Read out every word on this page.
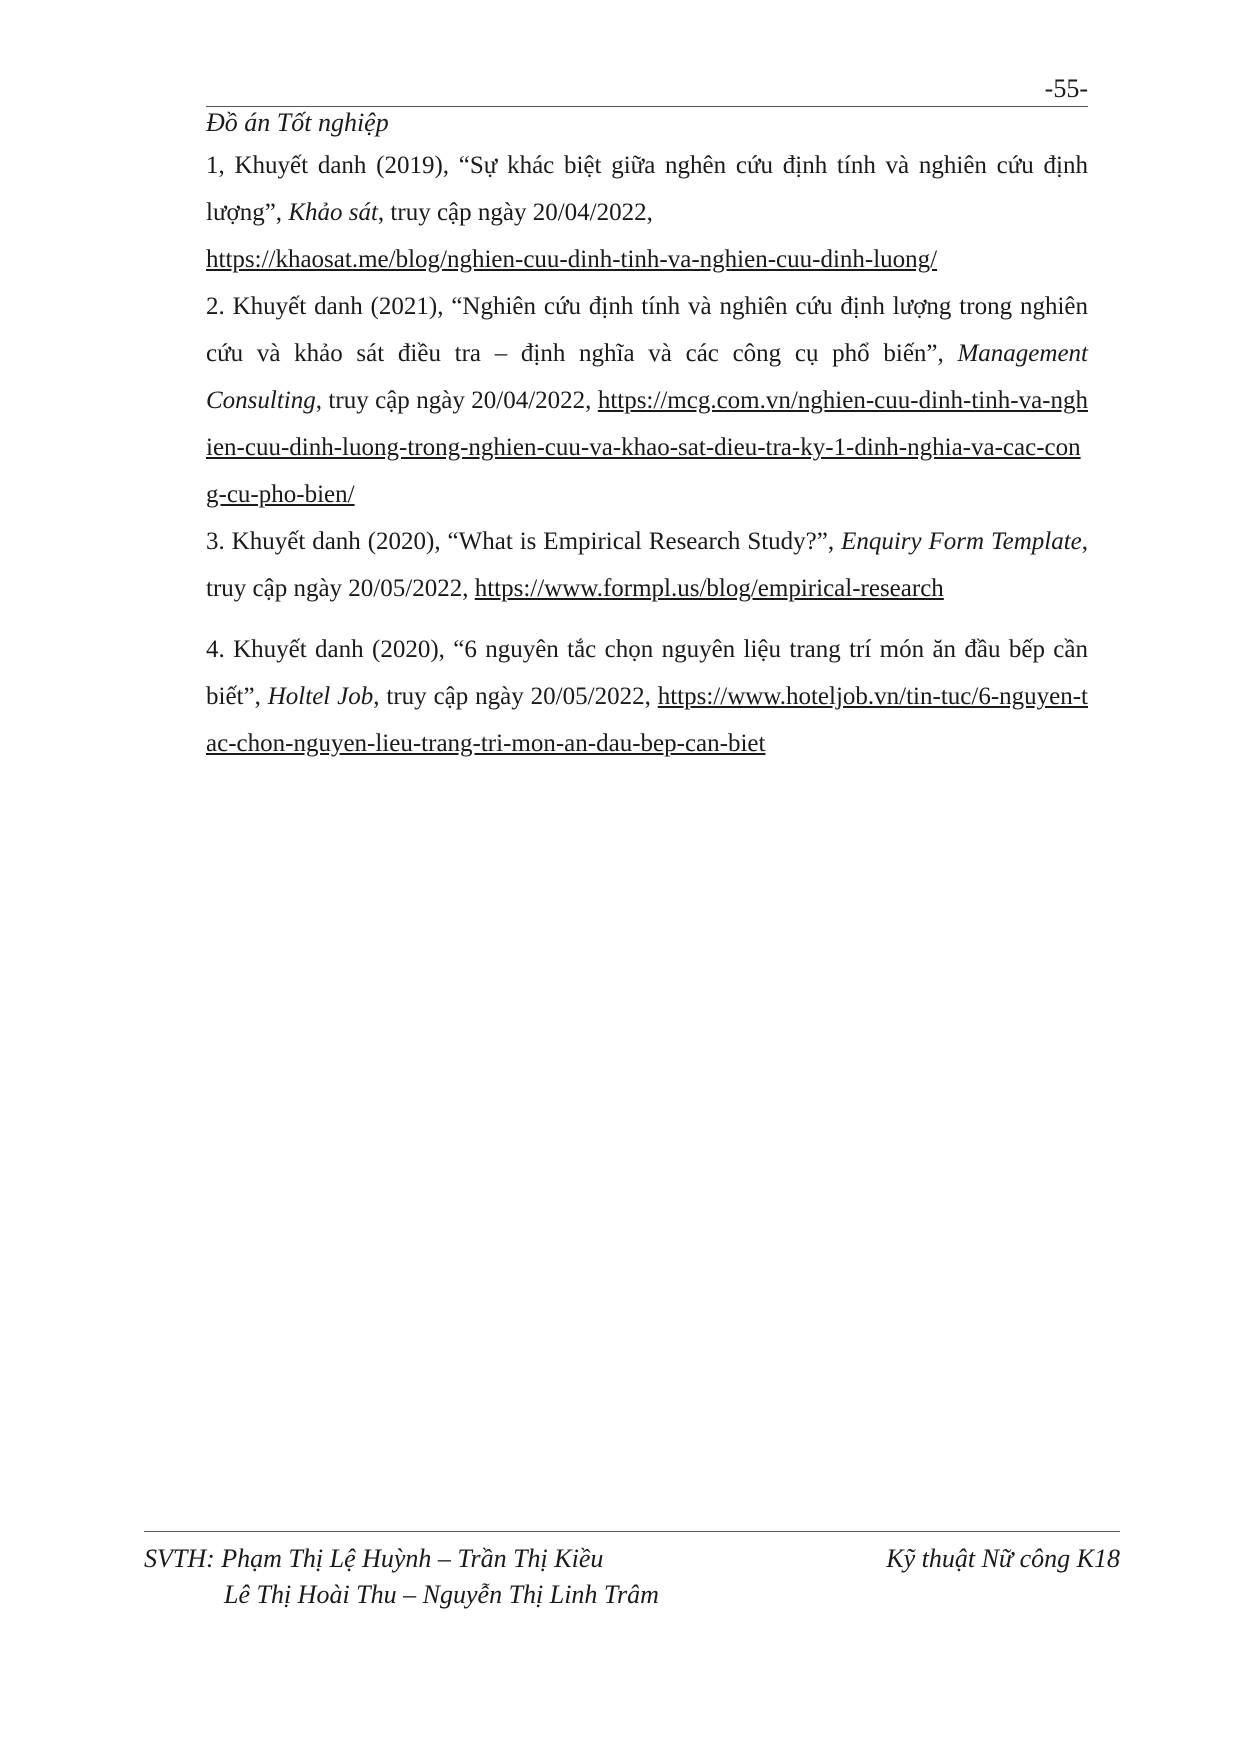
-55-
Đồ án Tốt nghiệp

1, Khuyết danh (2019), “Sự khác biệt giữa nghên cứu định tính và nghiên cứu định lượng”, Khảo sát, truy cập ngày 20/04/2022,
https://khaosat.me/blog/nghien-cuu-dinh-tinh-va-nghien-cuu-dinh-luong/

2. Khuyết danh (2021), “Nghiên cứu định tính và nghiên cứu định lượng trong nghiên cứu và khảo sát điều tra – định nghĩa và các công cụ phổ biến”, Management Consulting, truy cập ngày 20/04/2022, https://mcg.com.vn/nghien-cuu-dinh-tinh-va-nghien-cuu-dinh-luong-trong-nghien-cuu-va-khao-sat-dieu-tra-ky-1-dinh-nghia-va-cac-cong-cu-pho-bien/

3. Khuyết danh (2020), “What is Empirical Research Study?”, Enquiry Form Template, truy cập ngày 20/05/2022, https://www.formpl.us/blog/empirical-research

4. Khuyết danh (2020), “6 nguyên tắc chọn nguyên liệu trang trí món ăn đầu bếp cần biết”, Holtel Job, truy cập ngày 20/05/2022, https://www.hoteljob.vn/tin-tuc/6-nguyen-tac-chon-nguyen-lieu-trang-tri-mon-an-dau-bep-can-biet

SVTH: Phạm Thị Lệ Huỳnh – Trần Thị Kiều
Lê Thị Hoài Thu – Nguyễn Thị Linh Trâm
Kỹ thuật Nữ công K18
